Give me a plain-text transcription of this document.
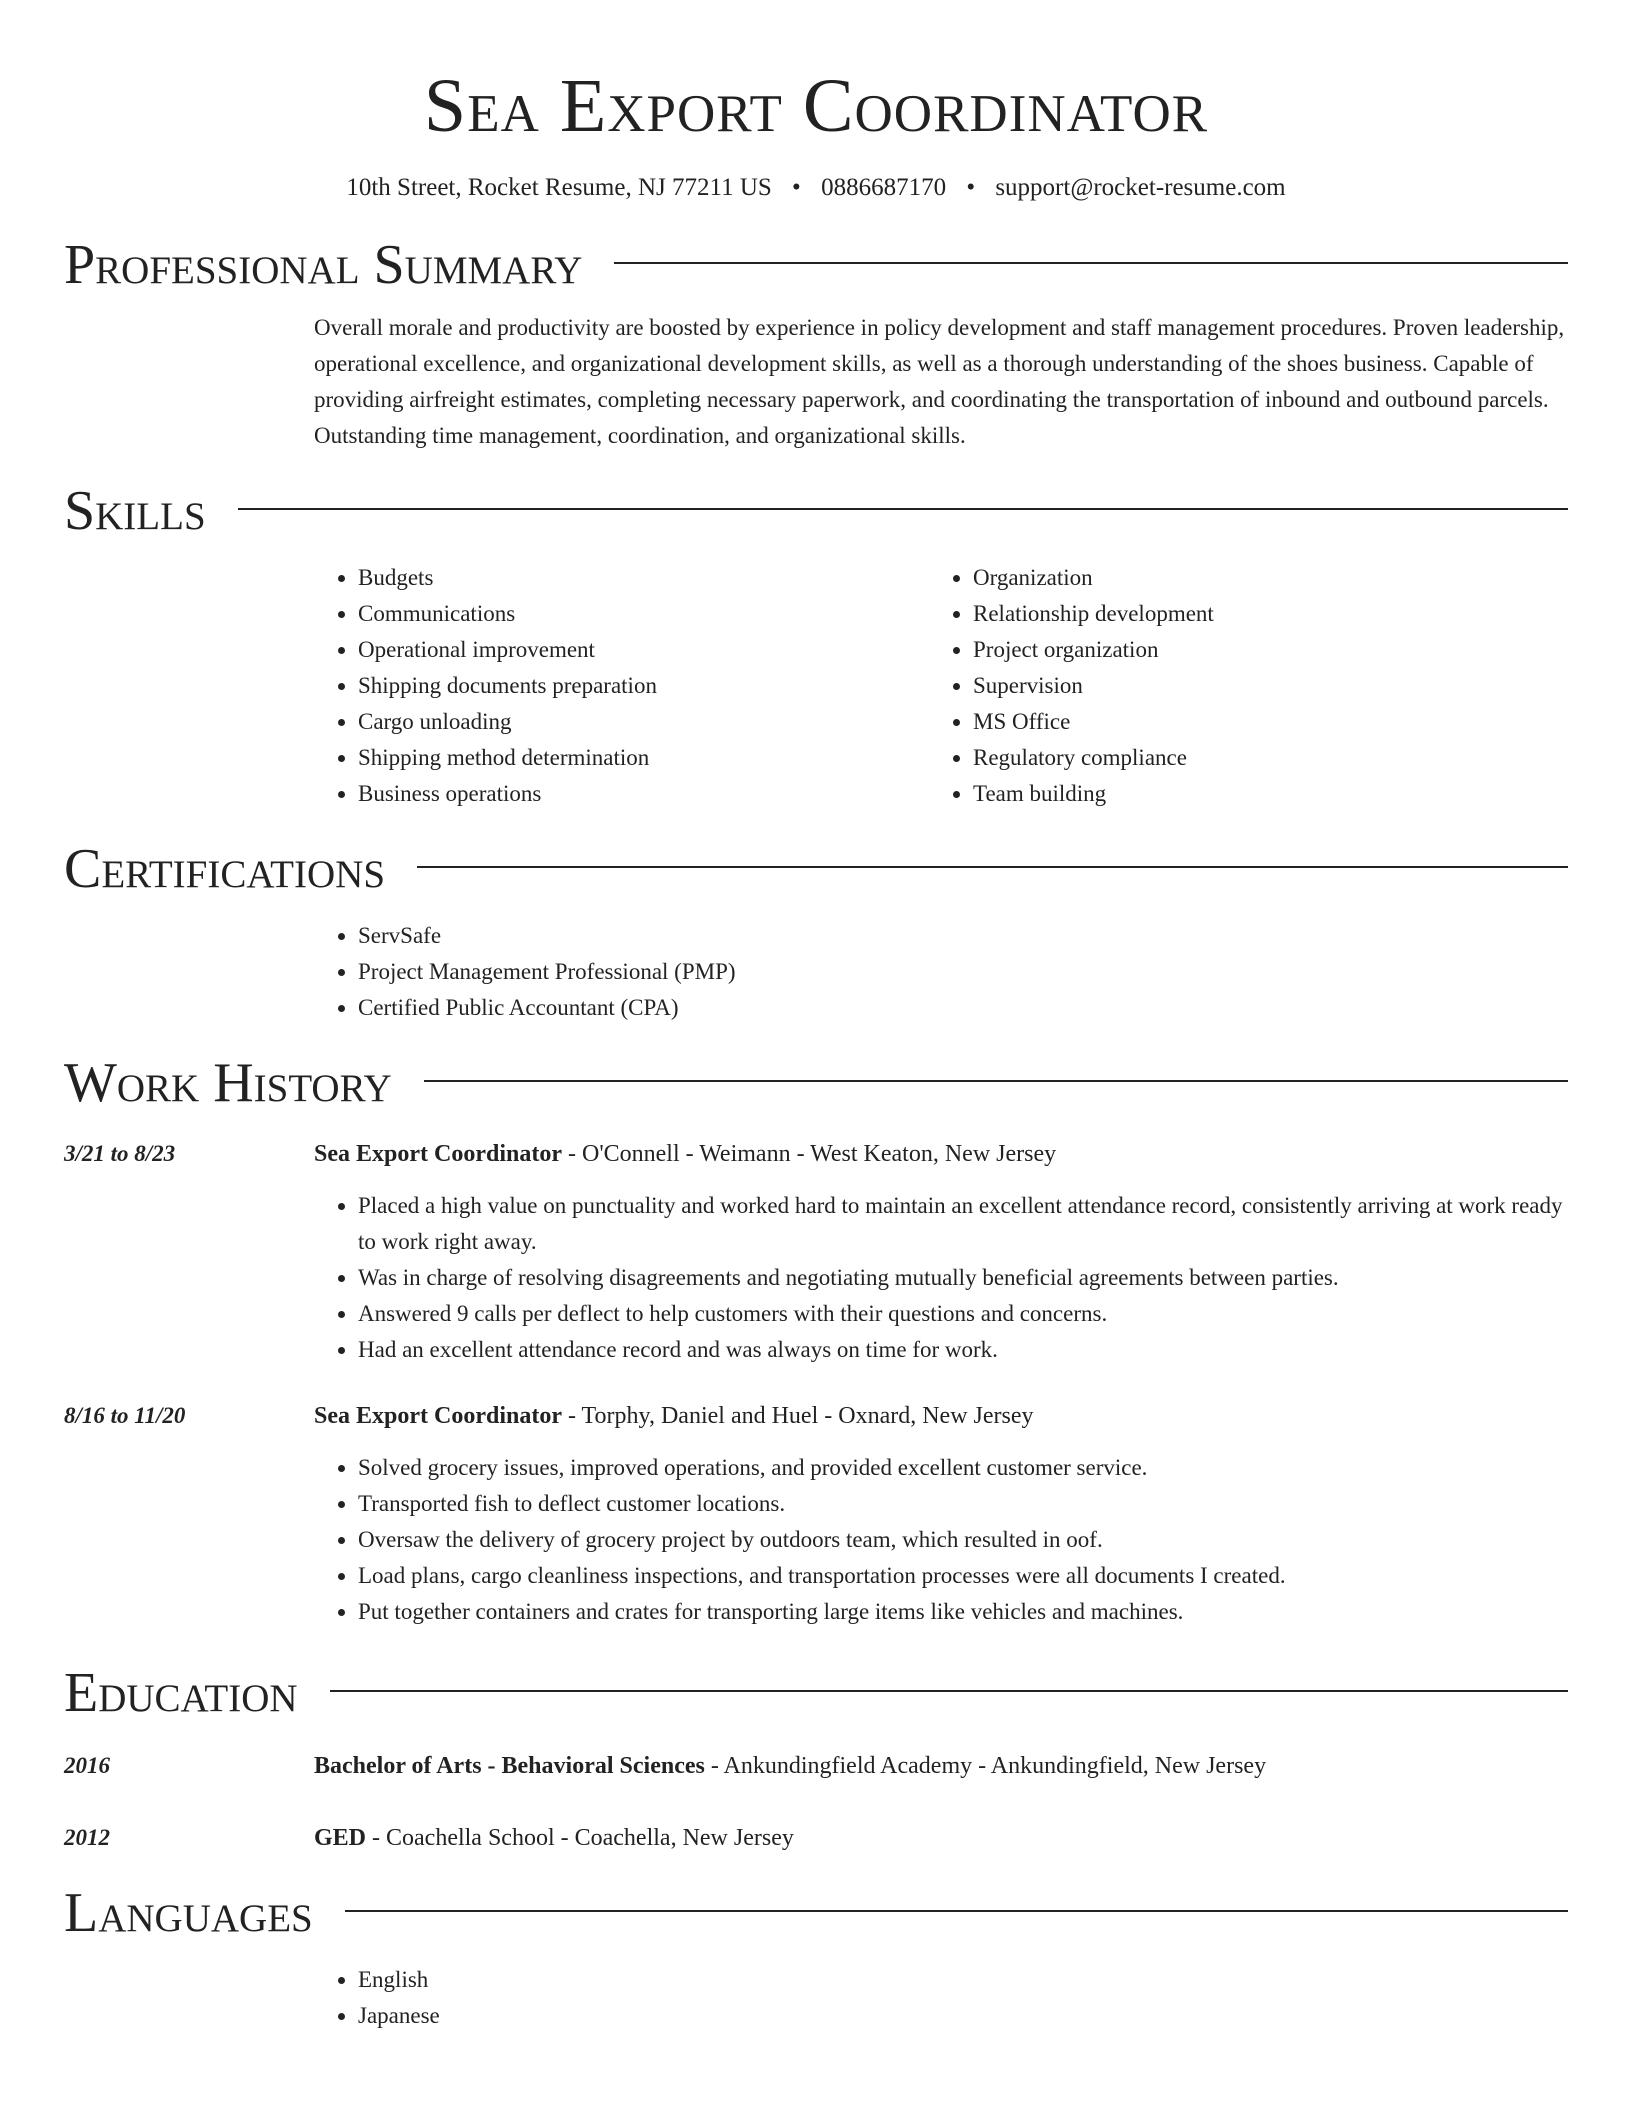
Sea Export Coordinator
10th Street, Rocket Resume, NJ 77211 US • 0886687170 • support@rocket-resume.com
Professional Summary
Overall morale and productivity are boosted by experience in policy development and staff management procedures. Proven leadership, operational excellence, and organizational development skills, as well as a thorough understanding of the shoes business. Capable of providing airfreight estimates, completing necessary paperwork, and coordinating the transportation of inbound and outbound parcels. Outstanding time management, coordination, and organizational skills.
Skills
• Budgets
• Communications
• Operational improvement
• Shipping documents preparation
• Cargo unloading
• Shipping method determination
• Business operations
• Organization
• Relationship development
• Project organization
• Supervision
• MS Office
• Regulatory compliance
• Team building
Certifications
• ServSafe
• Project Management Professional (PMP)
• Certified Public Accountant (CPA)
Work History
3/21 to 8/23	Sea Export Coordinator - O'Connell - Weimann - West Keaton, New Jersey
• Placed a high value on punctuality and worked hard to maintain an excellent attendance record, consistently arriving at work ready to work right away.
• Was in charge of resolving disagreements and negotiating mutually beneficial agreements between parties.
• Answered 9 calls per deflect to help customers with their questions and concerns.
• Had an excellent attendance record and was always on time for work.
8/16 to 11/20	Sea Export Coordinator - Torphy, Daniel and Huel - Oxnard, New Jersey
• Solved grocery issues, improved operations, and provided excellent customer service.
• Transported fish to deflect customer locations.
• Oversaw the delivery of grocery project by outdoors team, which resulted in oof.
• Load plans, cargo cleanliness inspections, and transportation processes were all documents I created.
• Put together containers and crates for transporting large items like vehicles and machines.
Education
2016	Bachelor of Arts - Behavioral Sciences - Ankundingfield Academy - Ankundingfield, New Jersey
2012	GED - Coachella School - Coachella, New Jersey
Languages
• English
• Japanese
